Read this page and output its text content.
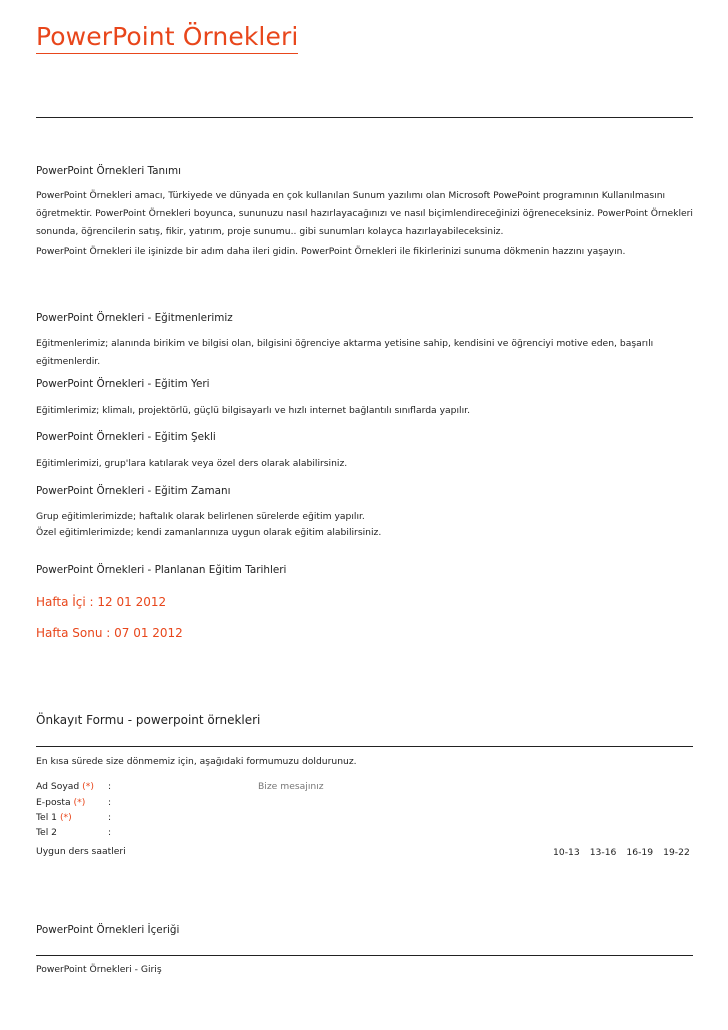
PowerPoint Örnekleri
PowerPoint Örnekleri Tanımı
PowerPoint Örnekleri amacı, Türkiyede ve dünyada en çok kullanılan Sunum yazılımı olan Microsoft PowePoint programının Kullanılmasını öğretmektir. PowerPoint Örnekleri boyunca, sununuzu nasıl hazırlayacağınızı ve nasıl biçimlendireceğinizi öğreneceksiniz. PowerPoint Örnekleri sonunda, öğrencilerin satış, fikir, yatırım, proje sunumu.. gibi sunumları kolayca hazırlayabileceksiniz.
PowerPoint Örnekleri ile işinizde bir adım daha ileri gidin. PowerPoint Örnekleri ile fikirlerinizi sunuma dökmenin hazzını yaşayın.
PowerPoint Örnekleri - Eğitmenlerimiz
Eğitmenlerimiz; alanında birikim ve bilgisi olan, bilgisini öğrenciye aktarma yetisine sahip, kendisini ve öğrenciyi motive eden, başarılı eğitmenlerdir.
PowerPoint Örnekleri - Eğitim Yeri
Eğitimlerimiz; klimalı, projektörlü, güçlü bilgisayarlı ve hızlı internet bağlantılı sınıflarda yapılır.
PowerPoint Örnekleri - Eğitim Şekli
Eğitimlerimizi, grup'lara katılarak veya özel ders olarak alabilirsiniz.
PowerPoint Örnekleri - Eğitim Zamanı
Grup eğitimlerimizde; haftalık olarak belirlenen sürelerde eğitim yapılır.
Özel eğitimlerimizde; kendi zamanlarınıza uygun olarak eğitim alabilirsiniz.
PowerPoint Örnekleri - Planlanan Eğitim Tarihleri
Hafta İçi : 12 01 2012
Hafta Sonu : 07 01 2012
Önkayıt Formu - powerpoint örnekleri
En kısa sürede size dönmemiz için, aşağıdaki formumuzu doldurunuz.
Ad Soyad (*) :	Bize mesajınız
E-posta (*) :
Tel 1 (*)	:
Tel 2	:
Uygun ders saatleri	10-13 13-16 16-19 19-22
PowerPoint Örnekleri İçeriği
PowerPoint Örnekleri - Giriş
